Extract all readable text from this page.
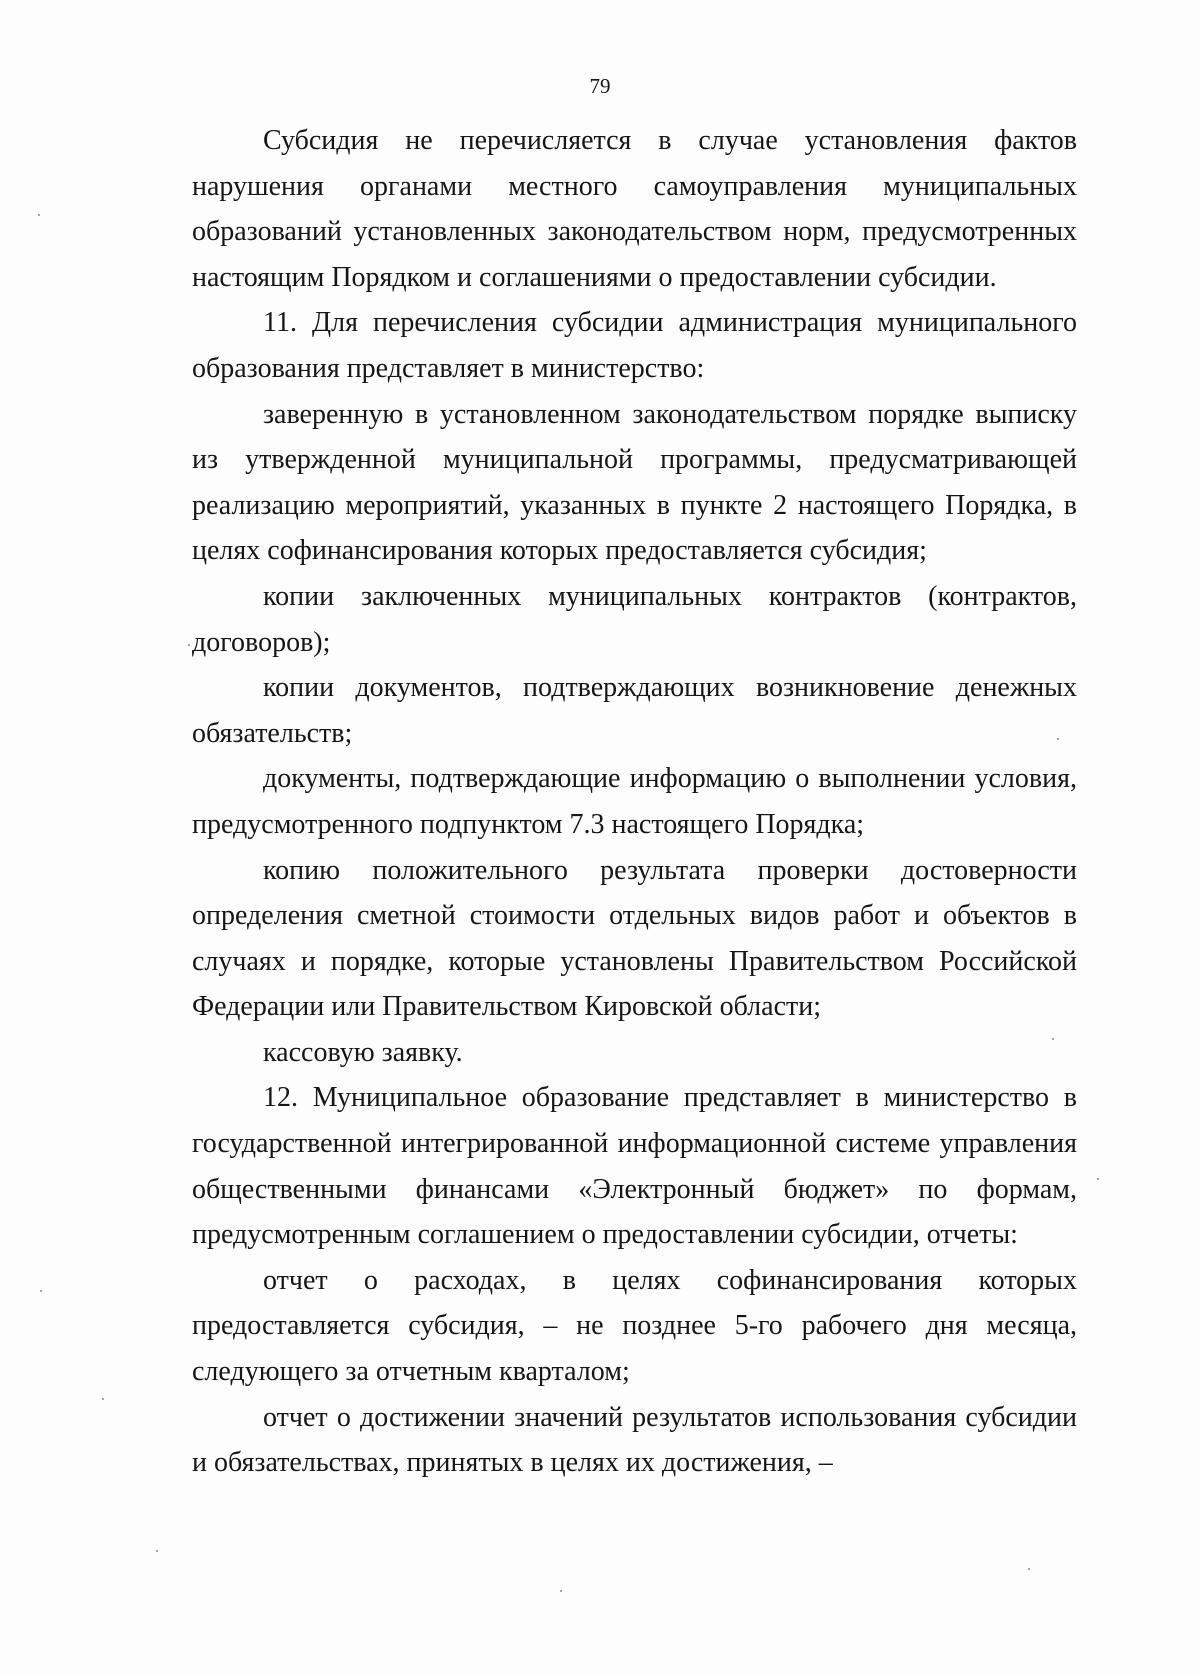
79

Субсидия не перечисляется в случае установления фактов нарушения органами местного самоуправления муниципальных образований установленных законодательством норм, предусмотренных настоящим Порядком и соглашениями о предоставлении субсидии.

11. Для перечисления субсидии администрация муниципального образования представляет в министерство:

заверенную в установленном законодательством порядке выписку из утвержденной муниципальной программы, предусматривающей реализацию мероприятий, указанных в пункте 2 настоящего Порядка, в целях софинансирования которых предоставляется субсидия;

копии заключенных муниципальных контрактов (контрактов, договоров);

копии документов, подтверждающих возникновение денежных обязательств;

документы, подтверждающие информацию о выполнении условия, предусмотренного подпунктом 7.3 настоящего Порядка;

копию положительного результата проверки достоверности определения сметной стоимости отдельных видов работ и объектов в случаях и порядке, которые установлены Правительством Российской Федерации или Правительством Кировской области;

кассовую заявку.

12. Муниципальное образование представляет в министерство в государственной интегрированной информационной системе управления общественными финансами «Электронный бюджет» по формам, предусмотренным соглашением о предоставлении субсидии, отчеты:

отчет о расходах, в целях софинансирования которых предоставляется субсидия, – не позднее 5-го рабочего дня месяца, следующего за отчетным кварталом;

отчет о достижении значений результатов использования субсидии и обязательствах, принятых в целях их достижения, –
